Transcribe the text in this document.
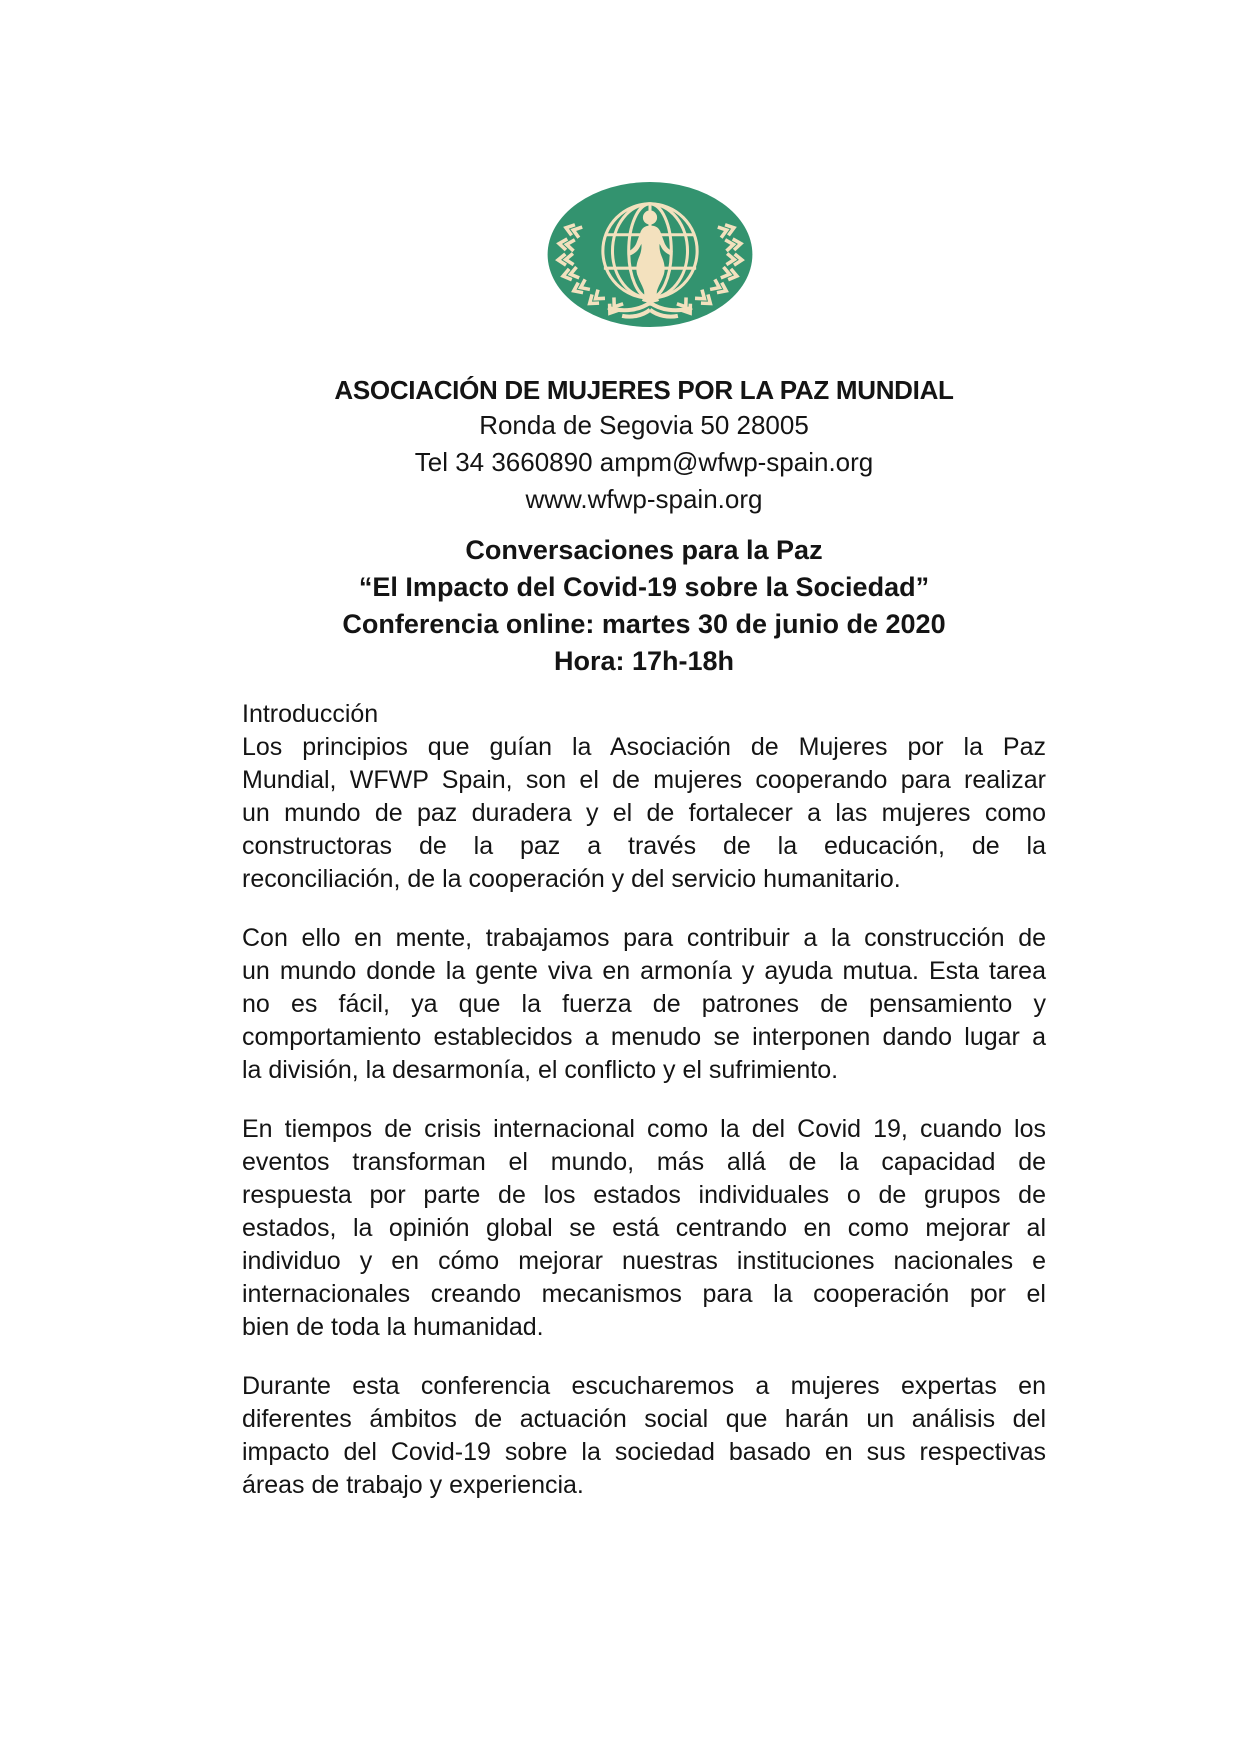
ASOCIACIÓN DE MUJERES POR LA PAZ MUNDIAL
Ronda de Segovia 50 28005
Tel 34 3660890 ampm@wfwp-spain.org
www.wfwp-spain.org
Conversaciones para la Paz
“El Impacto del Covid-19 sobre la Sociedad”
Conferencia online: martes 30 de junio de 2020
Hora: 17h-18h
Introducción
Los principios que guían la Asociación de Mujeres por la Paz
Mundial, WFWP Spain, son el de mujeres cooperando para realizar
un mundo de paz duradera y el de fortalecer a las mujeres como
constructoras de la paz a través de la educación, de la
reconciliación, de la cooperación y del servicio humanitario.
Con ello en mente, trabajamos para contribuir a la construcción de
un mundo donde la gente viva en armonía y ayuda mutua. Esta tarea
no es fácil, ya que la fuerza de patrones de pensamiento y
comportamiento establecidos a menudo se interponen dando lugar a
la división, la desarmonía, el conflicto y el sufrimiento.
En tiempos de crisis internacional como la del Covid 19, cuando los
eventos transforman el mundo, más allá de la capacidad de
respuesta por parte de los estados individuales o de grupos de
estados, la opinión global se está centrando en como mejorar al
individuo y en cómo mejorar nuestras instituciones nacionales e
internacionales creando mecanismos para la cooperación por el
bien de toda la humanidad.
Durante esta conferencia escucharemos a mujeres expertas en
diferentes ámbitos de actuación social que harán un análisis del
impacto del Covid-19 sobre la sociedad basado en sus respectivas
áreas de trabajo y experiencia.
